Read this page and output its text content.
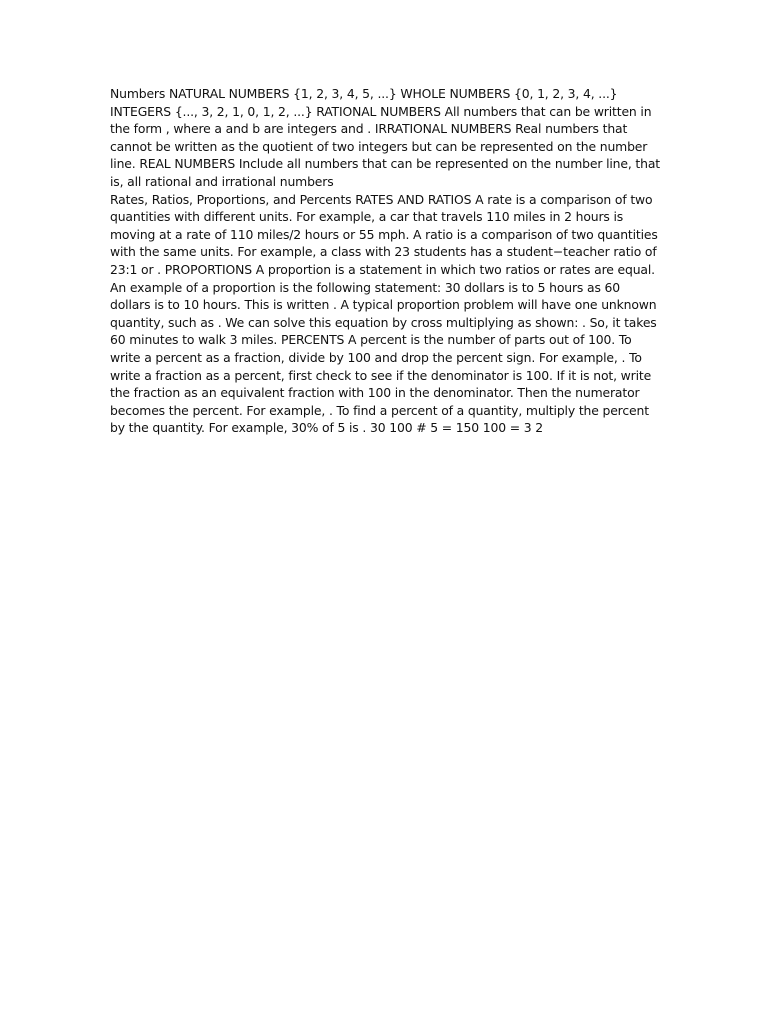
Numbers NATURAL NUMBERS {1, 2, 3, 4, 5, ...} WHOLE NUMBERS {0, 1, 2, 3, 4, ...} INTEGERS {..., 3, 2, 1, 0, 1, 2, ...} RATIONAL NUMBERS All numbers that can be written in the form , where a and b are integers and . IRRATIONAL NUMBERS Real numbers that cannot be written as the quotient of two integers but can be represented on the number line. REAL NUMBERS Include all numbers that can be represented on the number line, that is, all rational and irrational numbers

Rates, Ratios, Proportions, and Percents RATES AND RATIOS A rate is a comparison of two quantities with different units. For example, a car that travels 110 miles in 2 hours is moving at a rate of 110 miles/2 hours or 55 mph. A ratio is a comparison of two quantities with the same units. For example, a class with 23 students has a student−teacher ratio of 23:1 or . PROPORTIONS A proportion is a statement in which two ratios or rates are equal. An example of a proportion is the following statement: 30 dollars is to 5 hours as 60 dollars is to 10 hours. This is written . A typical proportion problem will have one unknown quantity, such as . We can solve this equation by cross multiplying as shown: . So, it takes 60 minutes to walk 3 miles. PERCENTS A percent is the number of parts out of 100. To write a percent as a fraction, divide by 100 and drop the percent sign. For example, . To write a fraction as a percent, first check to see if the denominator is 100. If it is not, write the fraction as an equivalent fraction with 100 in the denominator. Then the numerator becomes the percent. For example, . To find a percent of a quantity, multiply the percent by the quantity. For example, 30% of 5 is . 30 100 # 5 = 150 100 = 3 2
